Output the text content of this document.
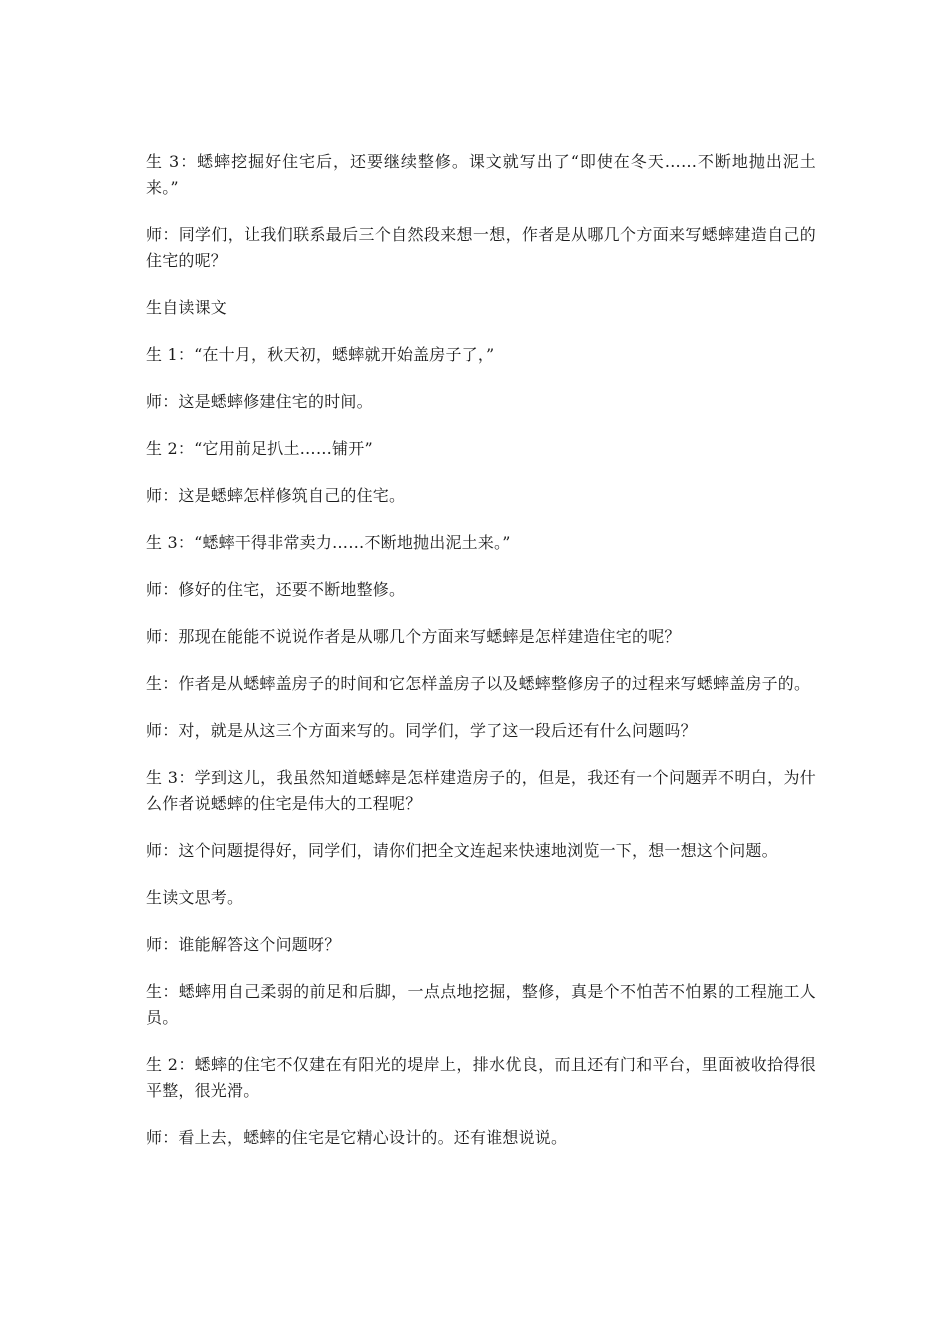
生 3：蟋蟀挖掘好住宅后，还要继续整修。课文就写出了“即使在冬天……不断地抛出泥土来。”

师：同学们，让我们联系最后三个自然段来想一想，作者是从哪几个方面来写蟋蟀建造自己的住宅的呢？

生自读课文

生 1：“在十月，秋天初，蟋蟀就开始盖房子了，”

师：这是蟋蟀修建住宅的时间。

生 2：“它用前足扒土……铺开”

师：这是蟋蟀怎样修筑自己的住宅。

生 3：“蟋蟀干得非常卖力……不断地抛出泥土来。”

师：修好的住宅，还要不断地整修。

师：那现在能能不说说作者是从哪几个方面来写蟋蟀是怎样建造住宅的呢？

生：作者是从蟋蟀盖房子的时间和它怎样盖房子以及蟋蟀整修房子的过程来写蟋蟀盖房子的。

师：对，就是从这三个方面来写的。同学们，学了这一段后还有什么问题吗？

生 3：学到这儿，我虽然知道蟋蟀是怎样建造房子的，但是，我还有一个问题弄不明白，为什么作者说蟋蟀的住宅是伟大的工程呢？

师：这个问题提得好，同学们，请你们把全文连起来快速地浏览一下，想一想这个问题。

生读文思考。

师：谁能解答这个问题呀？

生：蟋蟀用自己柔弱的前足和后脚，一点点地挖掘，整修，真是个不怕苦不怕累的工程施工人员。

生 2：蟋蟀的住宅不仅建在有阳光的堤岸上，排水优良，而且还有门和平台，里面被收拾得很平整，很光滑。

师：看上去，蟋蟀的住宅是它精心设计的。还有谁想说说。
